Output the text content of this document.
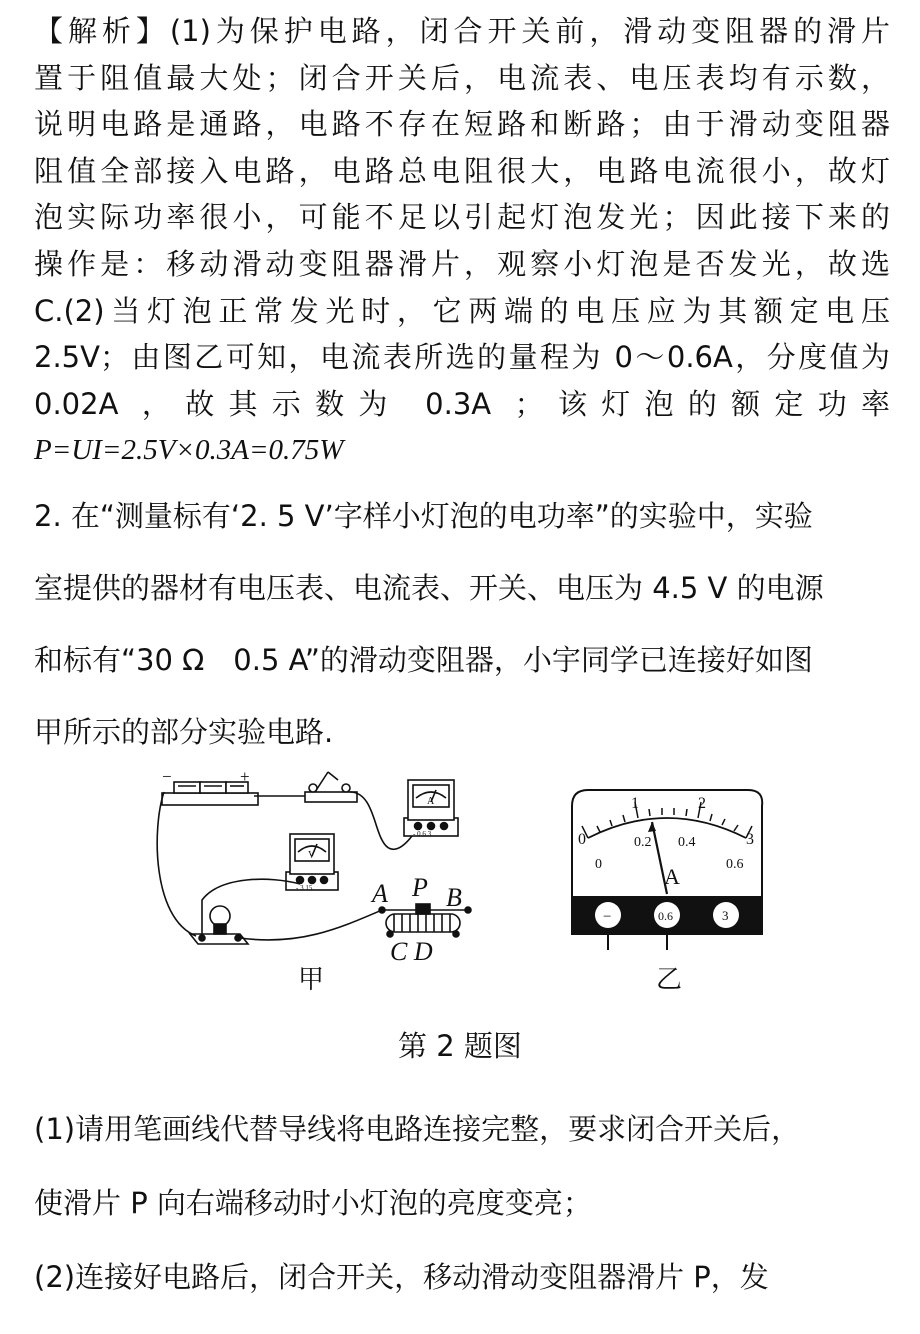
【解析】(1)为保护电路，闭合开关前，滑动变阻器的滑片
置于阻值最大处；闭合开关后，电流表、电压表均有示数，
说明电路是通路，电路不存在短路和断路；由于滑动变阻器
阻值全部接入电路，电路总电阻很大，电路电流很小，故灯
泡实际功率很小，可能不足以引起灯泡发光；因此接下来的
操作是：移动滑动变阻器滑片，观察小灯泡是否发光，故选
C.(2)当灯泡正常发光时，它两端的电压应为其额定电压
2.5V；由图乙可知，电流表所选的量程为 0～0.6A，分度值为
0.02A ，故其示数为 0.3A ；该灯泡的额定功率
P=UI=2.5V×0.3A=0.75W
2. 在“测量标有‘2. 5 V’字样小灯泡的电功率”的实验中，实验
室提供的器材有电压表、电流表、开关、电压为 4.5 V 的电源
和标有“30 Ω　0.5 A”的滑动变阻器，小宇同学已连接好如图
甲所示的部分实验电路.
−	+
A
- 0.6 3
V
- 3 15 A P B
C D
甲
0
1	2
3
0
0.2 0.4
0.6
A
−	0.6	3
乙
第 2 题图
(1)请用笔画线代替导线将电路连接完整，要求闭合开关后，
使滑片 P 向右端移动时小灯泡的亮度变亮；
(2)连接好电路后，闭合开关，移动滑动变阻器滑片 P，发
